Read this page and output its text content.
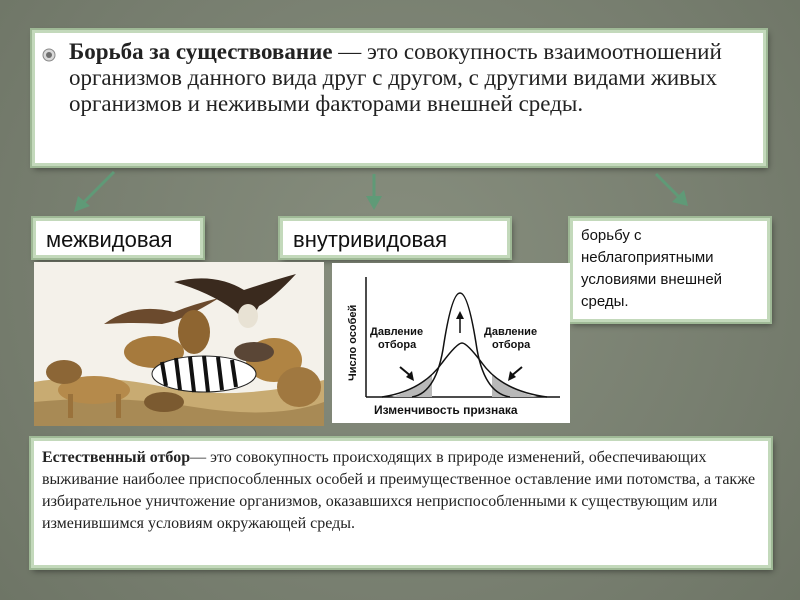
Борьба за существование — это совокупность взаимоотношений организмов данного вида друг с другом, с другими видами живых организмов и неживыми факторами внешней среды.
межвидовая	внутривидовая	борьбу с неблагоприятными условиями внешней среды.
Число особей
Изменчивость признака
Давление отбора
Давление отбора
Естественный отбор— это совокупность происходящих в природе изменений, обеспечивающих выживание наиболее приспособленных особей и преимущественное оставление ими потомства, а также избирательное уничтожение организмов, оказавшихся неприспособленными к существующим или изменившимся условиям окружающей среды.
